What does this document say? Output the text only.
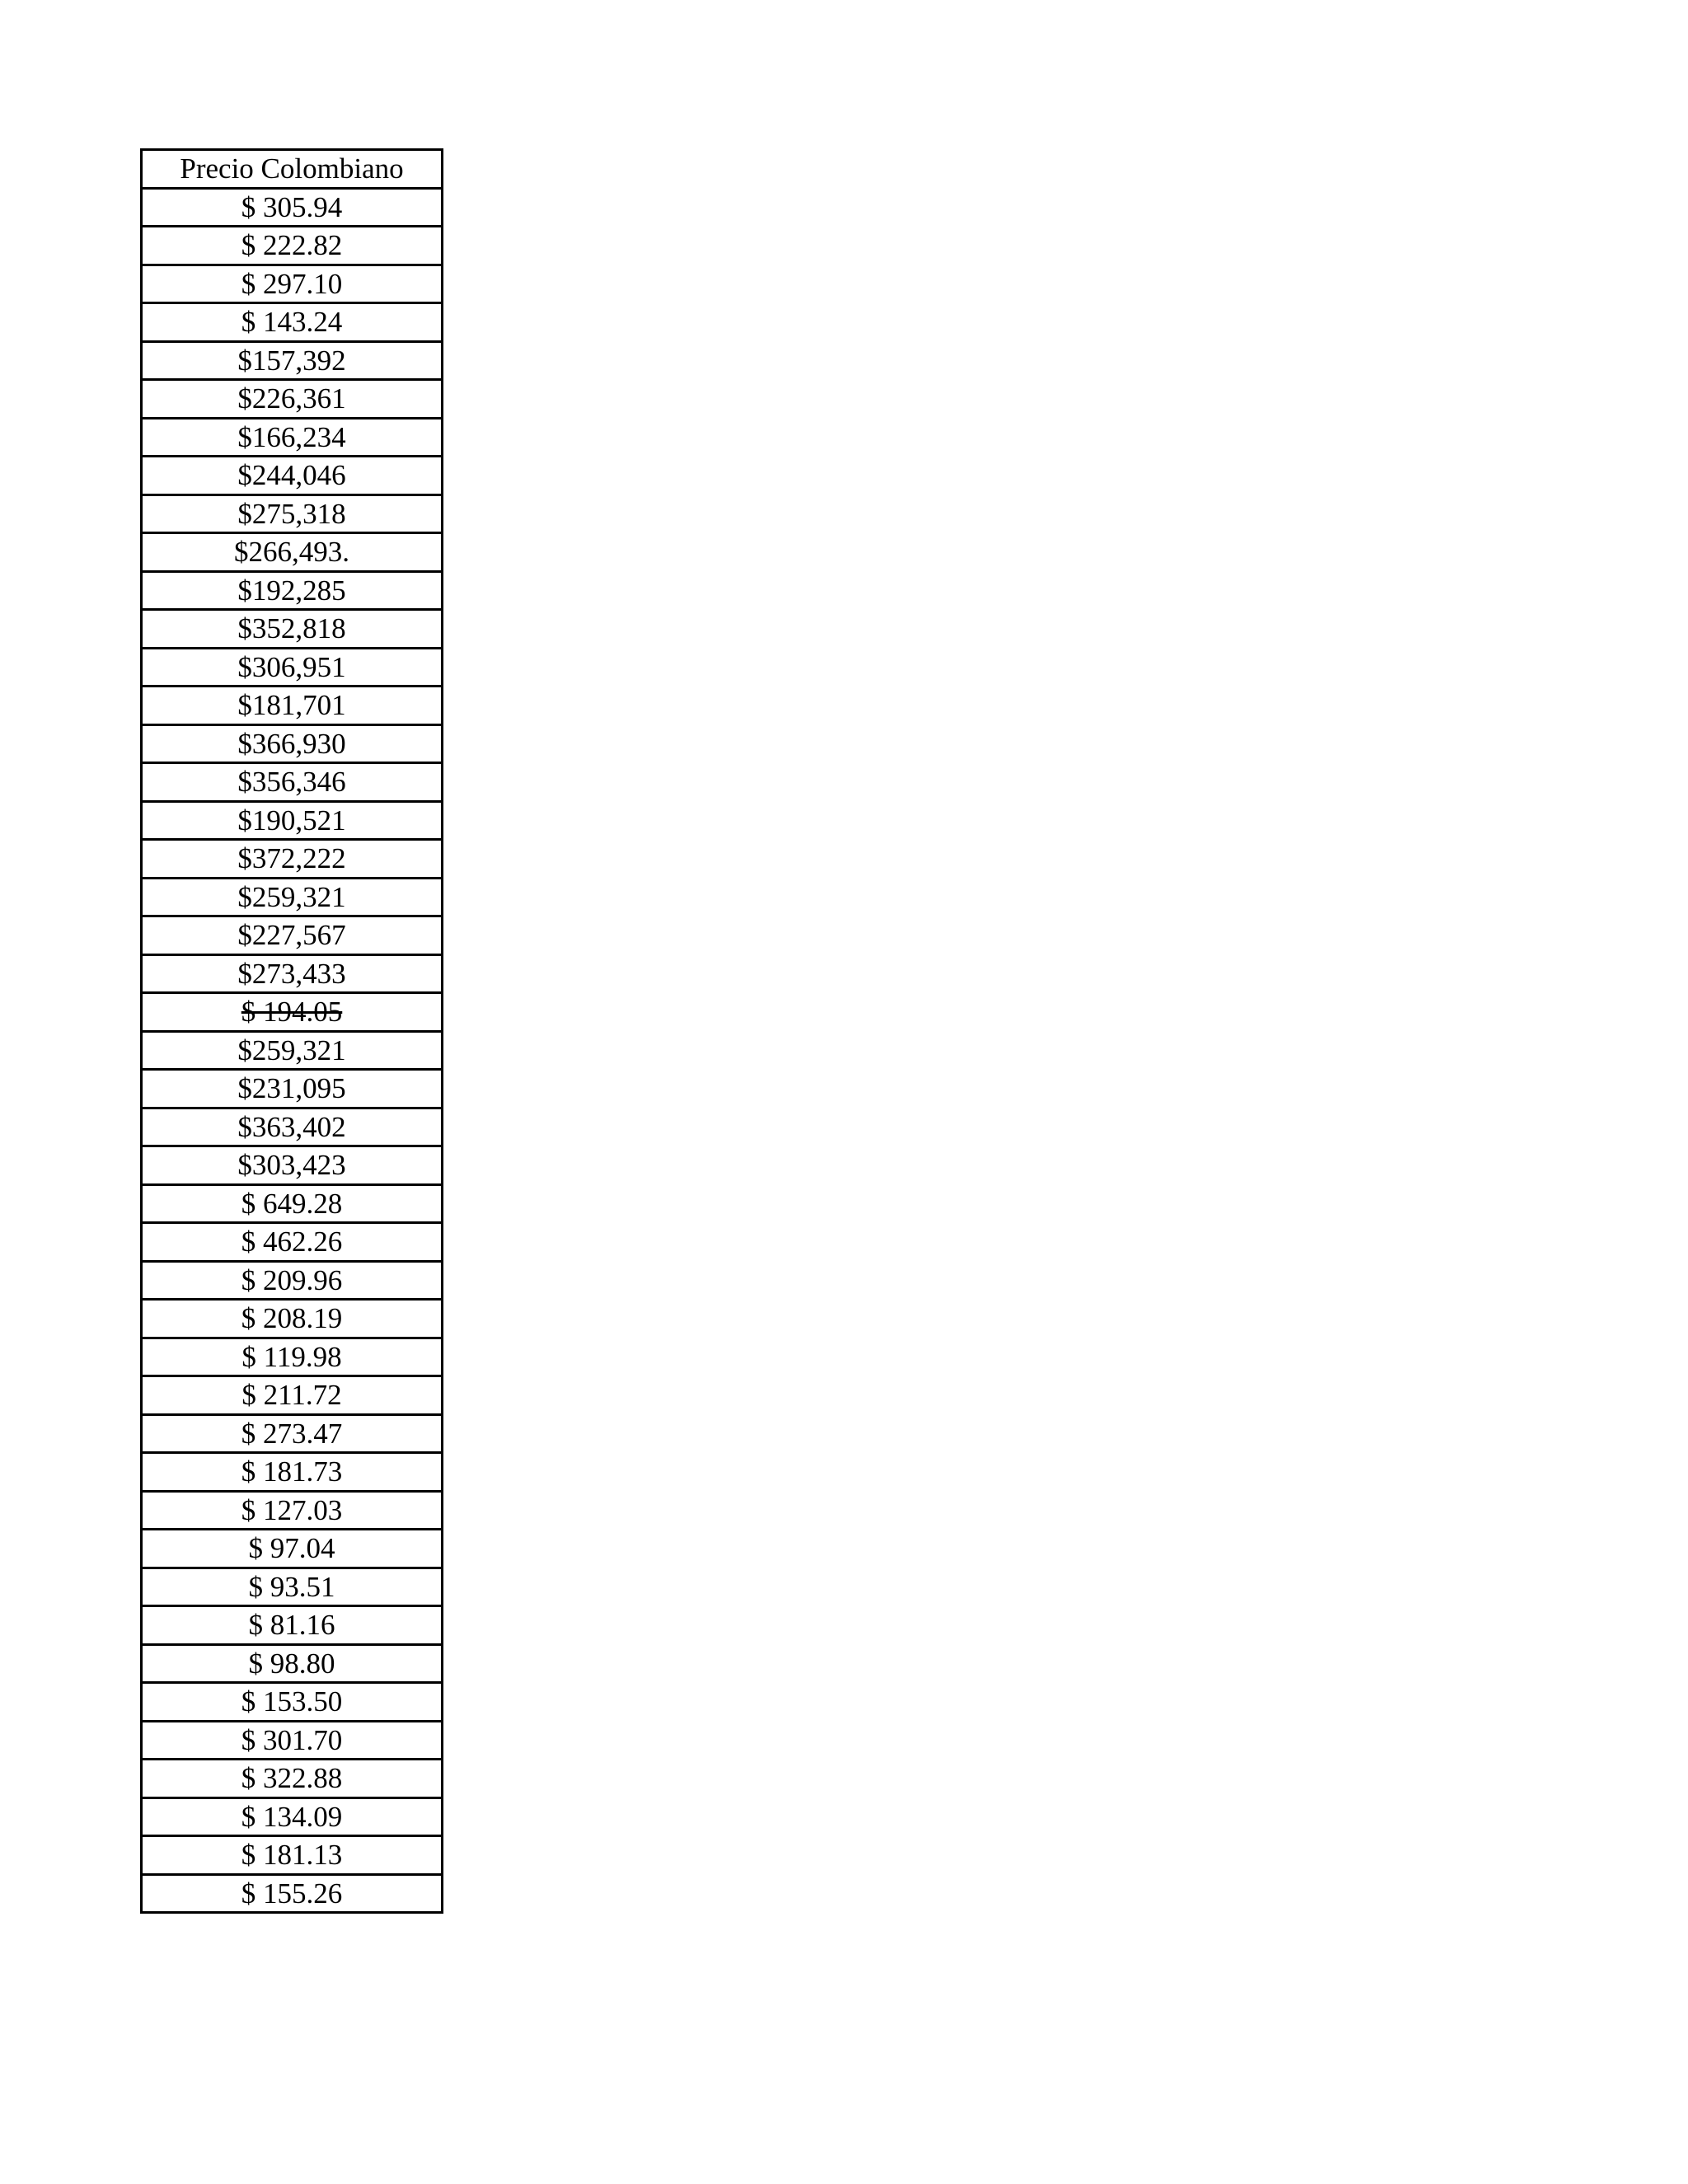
Precio Colombiano
$ 305.94
$ 222.82
$ 297.10
$ 143.24
$157,392
$226,361
$166,234
$244,046
$275,318
$266,493.
$192,285
$352,818
$306,951
$181,701
$366,930
$356,346
$190,521
$372,222
$259,321
$227,567
$273,433
$ 194.05
$259,321
$231,095
$363,402
$303,423
$ 649.28
$ 462.26
$ 209.96
$ 208.19
$ 119.98
$ 211.72
$ 273.47
$ 181.73
$ 127.03
$ 97.04
$ 93.51
$ 81.16
$ 98.80
$ 153.50
$ 301.70
$ 322.88
$ 134.09
$ 181.13
$ 155.26
